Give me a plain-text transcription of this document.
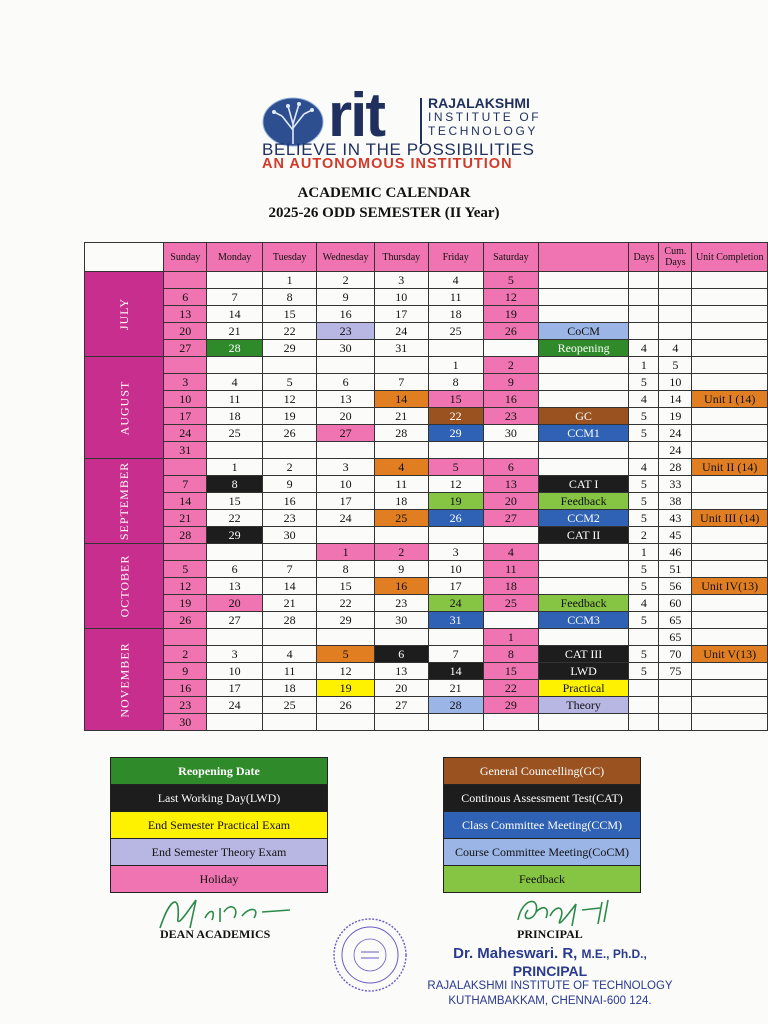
rit	RAJALAKSHMI
INSTITUTE OF
TECHNOLOGY
BELIEVE IN THE POSSIBILITIES
AN AUTONOMOUS INSTITUTION
ACADEMIC CALENDAR
2025-26 ODD SEMESTER (II Year)
	Sunday	Monday	Tuesday	Wednesday	Thursday	Friday	Saturday		Days	Cum. Days	Unit Completion
JULY			1	2	3	4	5				
	6	7	8	9	10	11	12				
	13	14	15	16	17	18	19				
	20	21	22	23	24	25	26	CoCM			
	27	28	29	30	31			Reopening	4	4	
AUGUST						1	2		1	5	
	3	4	5	6	7	8	9		5	10	
	10	11	12	13	14	15	16		4	14	Unit I (14)
	17	18	19	20	21	22	23	GC	5	19	
	24	25	26	27	28	29	30	CCM1	5	24	
	31									24	
SEPTEMBER		1	2	3	4	5	6		4	28	Unit II (14)
	7	8	9	10	11	12	13	CAT I	5	33	
	14	15	16	17	18	19	20	Feedback	5	38	
	21	22	23	24	25	26	27	CCM2	5	43	Unit III (14)
	28	29	30					CAT II	2	45	
OCTOBER				1	2	3	4		1	46	
	5	6	7	8	9	10	11		5	51	
	12	13	14	15	16	17	18		5	56	Unit IV(13)
	19	20	21	22	23	24	25	Feedback	4	60	
	26	27	28	29	30	31		CCM3	5	65	
NOVEMBER							1			65	
	2	3	4	5	6	7	8	CAT III	5	70	Unit V(13)
	9	10	11	12	13	14	15	LWD	5	75	
	16	17	18	19	20	21	22	Practical			
	23	24	25	26	27	28	29	Theory			
	30										
Reopening Date
Last Working Day(LWD)
End Semester Practical Exam
End Semester Theory Exam
Holiday
General Councelling(GC)
Continous Assessment Test(CAT)
Class Committee Meeting(CCM)
Course Committee Meeting(CoCM)
Feedback
DEAN ACADEMICS	PRINCIPAL
Dr. Maheswari. R, M.E., Ph.D.,
PRINCIPAL
RAJALAKSHMI INSTITUTE OF TECHNOLOGY
KUTHAMBAKKAM, CHENNAI-600 124.
